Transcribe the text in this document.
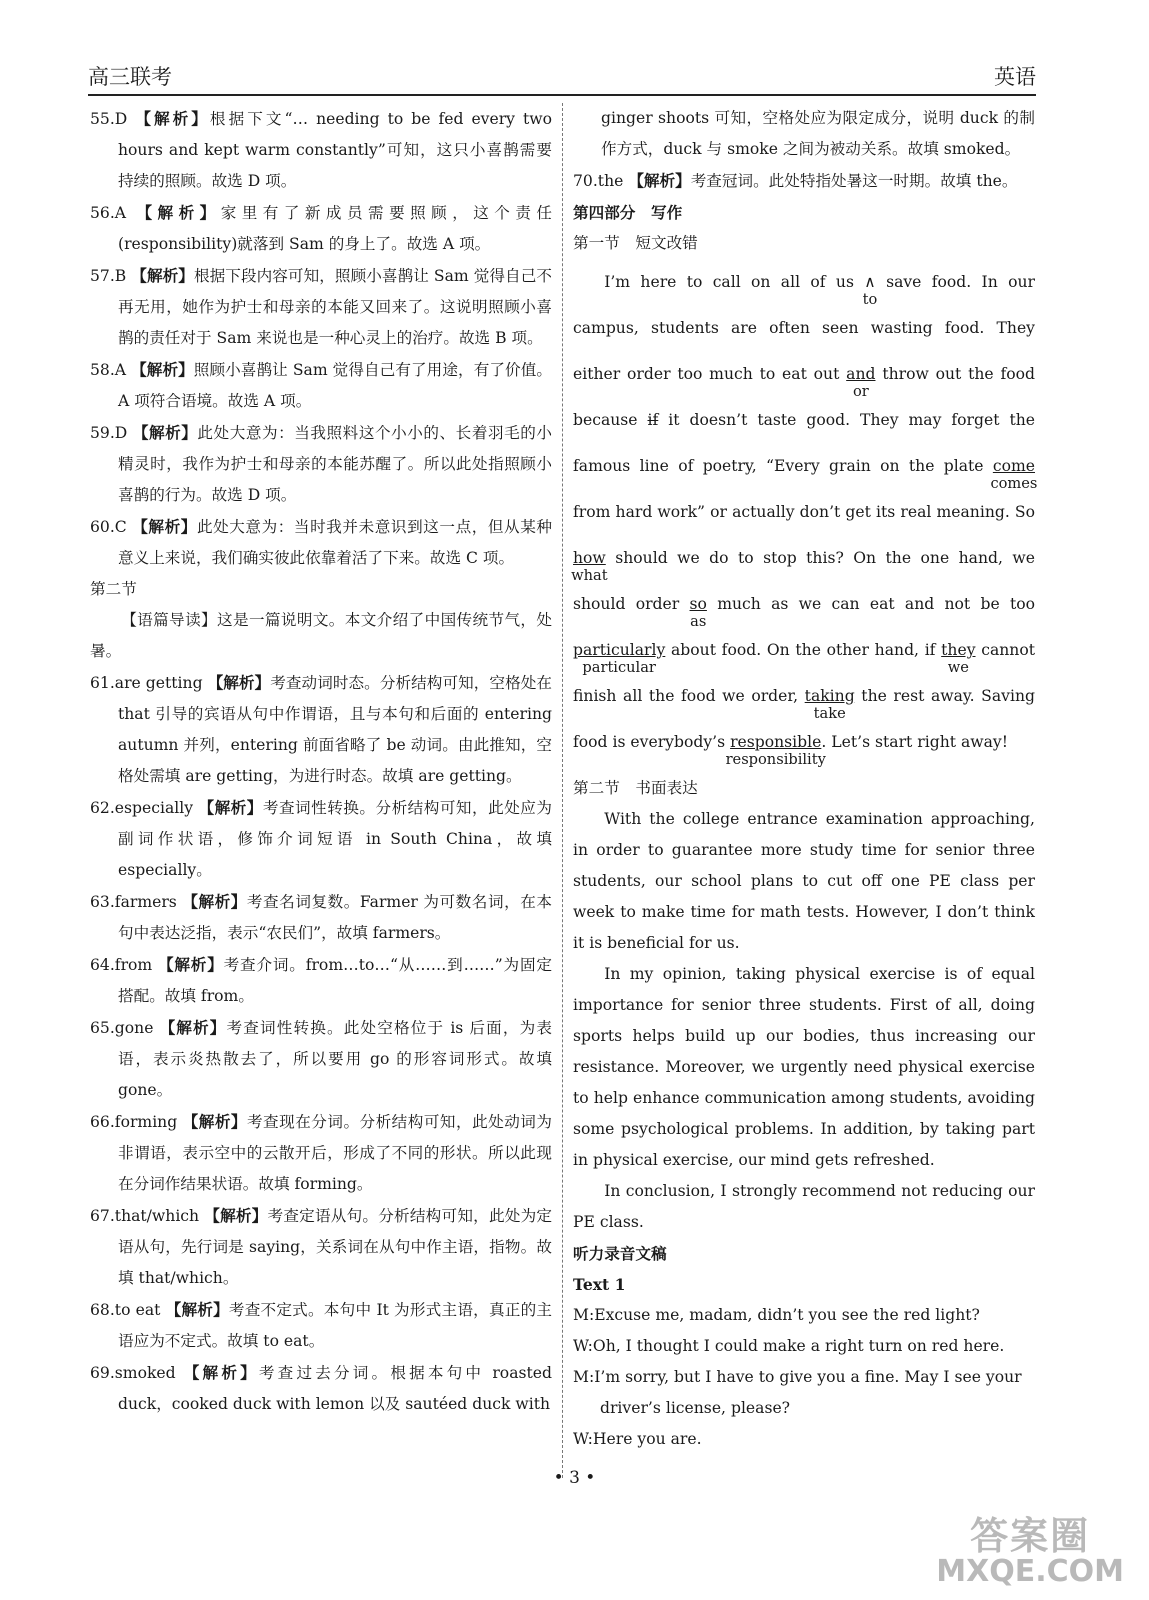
高三联考	英语
55.D 【解析】根据下文“… needing to be fed every two hours and kept warm constantly”可知，这只小喜鹊需要持续的照顾。故选 D 项。
56.A 【解析】家里有了新成员需要照顾，这个责任(responsibility)就落到 Sam 的身上了。故选 A 项。
57.B 【解析】根据下段内容可知，照顾小喜鹊让 Sam 觉得自己不再无用，她作为护士和母亲的本能又回来了。这说明照顾小喜鹊的责任对于 Sam 来说也是一种心灵上的治疗。故选 B 项。
58.A 【解析】照顾小喜鹊让 Sam 觉得自己有了用途，有了价值。A 项符合语境。故选 A 项。
59.D 【解析】此处大意为：当我照料这个小小的、长着羽毛的小精灵时，我作为护士和母亲的本能苏醒了。所以此处指照顾小喜鹊的行为。故选 D 项。
60.C 【解析】此处大意为：当时我并未意识到这一点，但从某种意义上来说，我们确实彼此依靠着活了下来。故选 C 项。
第二节
【语篇导读】这是一篇说明文。本文介绍了中国传统节气，处暑。
61.are getting 【解析】考查动词时态。分析结构可知，空格处在 that 引导的宾语从句中作谓语，且与本句和后面的 entering autumn 并列，entering 前面省略了 be 动词。由此推知，空格处需填 are getting，为进行时态。故填 are getting。
62.especially 【解析】考查词性转换。分析结构可知，此处应为副词作状语，修饰介词短语 in South China，故填 especially。
63.farmers 【解析】考查名词复数。Farmer 为可数名词，在本句中表达泛指，表示“农民们”，故填 farmers。
64.from 【解析】考查介词。from…to…“从……到……”为固定搭配。故填 from。
65.gone 【解析】考查词性转换。此处空格位于 is 后面，为表语，表示炎热散去了，所以要用 go 的形容词形式。故填 gone。
66.forming 【解析】考查现在分词。分析结构可知，此处动词为非谓语，表示空中的云散开后，形成了不同的形状。所以此现在分词作结果状语。故填 forming。
67.that/which 【解析】考查定语从句。分析结构可知，此处为定语从句，先行词是 saying，关系词在从句中作主语，指物。故填 that/which。
68.to eat 【解析】考查不定式。本句中 It 为形式主语，真正的主语应为不定式。故填 to eat。
69.smoked 【解析】考查过去分词。根据本句中 roasted duck，cooked duck with lemon 以及 sautéed duck with
ginger shoots 可知，空格处应为限定成分，说明 duck 的制作方式，duck 与 smoke 之间为被动关系。故填 smoked。
70.the 【解析】考查冠词。此处特指处暑这一时期。故填 the。
第四部分　写作
第一节　短文改错
I’m here to call on all of us ∧
to
save food. In our campus, students are often seen wasting food. They either order too much to eat out and
or
throw out the food because if it doesn’t taste good. They may forget the famous line of poetry, “Every grain on the plate come
comes
from hard work” or actually don’t get its real meaning. So how
what
should we do to stop this? On the one hand, we should order so
as
much as we can eat and not be too particularly
particular
about food. On the other hand, if they
we
cannot finish all the food we order, taking
take
the rest away. Saving food is everybody’s responsible
responsibility
. Let’s start right away!
第二节　书面表达
With the college entrance examination approaching, in order to guarantee more study time for senior three students, our school plans to cut off one PE class per week to make time for math tests. However, I don’t think it is beneficial for us.
In my opinion, taking physical exercise is of equal importance for senior three students. First of all, doing sports helps build up our bodies, thus increasing our resistance. Moreover, we urgently need physical exercise to help enhance communication among students, avoiding some psychological problems. In addition, by taking part in physical exercise, our mind gets refreshed.
In conclusion, I strongly recommend not reducing our PE class.
听力录音文稿
Text 1
M:Excuse me, madam, didn’t you see the red light?
W:Oh, I thought I could make a right turn on red here.
M:I’m sorry, but I have to give you a fine. May I see your driver’s license, please?
W:Here you are.
• 3 •
答案圈
MXQE.COM
